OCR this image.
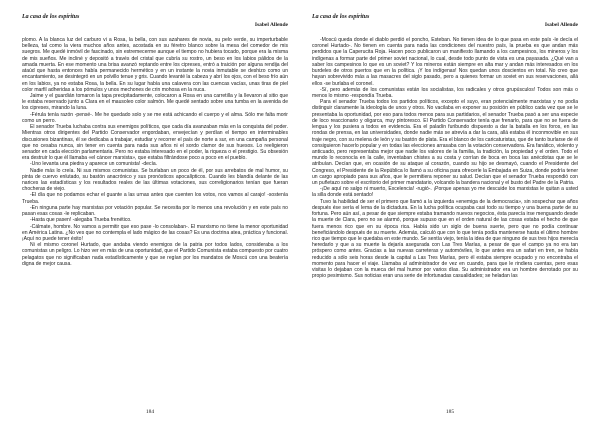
La casa de los espíritus
Isabel Allende

plomo. A la blanca luz del carburo vi a Rosa, la bella, con sus azahares de novia, su pelo verde, su imperturbable belleza, tal como la viera muchos años antes, acostada en su féretro blanco sobre la mesa del comedor de mis suegros. Me quedé inmóvil de fascinado, sin estremecerme aunque el tiempo no hubiera tocado, porque era la misma de mis sueños. Me incliné y depositó a través del cristal que cubría su rostro, un beso en los labios pálidos de la amada muerta. En ese momento una brisa avanzó reptando entre los cipreses, entró a traición por alguna rendija del ataúd que hasta entonces había permanecido hermético y en un instante la novia inmutable se deshizo como un encantamiento, se desintegró en un polvillo tenue y gris. Cuando levanté la cabeza y abrí los ojos, con el beso frío aún en los labios, ya no estaba Rosa, la bella. En su lugar había una calavera con las cuencas vacías, unas tiras de piel color marfil adheridas a los pómulos y unos mechones de crin mohosa en la nuca.

Jaime y el guardián tomaron la tapa precipitadamente, colocaron a Rosa en una carretilla y la llevaron al sitio que le estaba reservado junto a Clara en el mausoleo color salmón. Me quedé sentado sobre una tumba en la avenida de los cipreses, mirando la luna.

-Férula tenía razón -pensé-. Me he quedado solo y se me está achicando el cuerpo y el alma. Sólo me falta morir como un perro.

El senador Trueba luchaba contra sus enemigos políticos, que cada día avanzaban más en la conquista del poder. Mientras otros dirigentes del Partido Conservador engordaban, envejecían y perdían el tiempo en interminables discusiones bizantinas, él se dedicaba a trabajar, estudiar y recorrer el país de norte a sur, en una campaña personal que no cesaba nunca, sin tener en cuenta para nada sus años ni el sordo clamor de sus huesos. Lo reeligieron senador en cada elección parlamentaria. Pero no estaba interesado en el poder, la riqueza o el prestigio. Su obsesión era destruir lo que él llamaba «el cáncer marxista», que estaba filtrándose poco a poco en el pueblo.

-Uno levanta una piedra y aparece un comunista! -decía.

Nadie más lo creía. Ni sus mismos comunistas. Se burlaban un poco de él, por sus arrebatos de mal humor, su pinta de cuervo enlutado, su bastón anacrónico y sus pronósticos apocalípticos. Cuando les blandía delante de las narices las estadísticas y los resultados reales de las últimas votaciones, sus correligionarios tenían que fueran chocheras de viejo.

-El día que no podamos echar el guante a las urnas antes que cuenten los votos, nos vamos al carajo! -sostenía Trueba.

-En ninguna parte hay marxistas por votación popular. Se necesita por lo menos una revolución y en este país no pasan esas cosas -le replicaban.

-Hasta que pasen! -alegaba Trueba frenético.

-Cálmate, hombre. No vamos a permitir que eso pase -lo consolaban-. El marxismo no tiene la menor oportunidad en América Latina. ¿No ves que no contempla el lado mágico de las cosas? Es una doctrina atea, práctica y funcional. ¡Aquí no puede tener éxito!

Ni el mismo coronel Hurtado, que andaba viendo enemigos de la patria por todos lados, consideraba a los comunistas un peligro. Lo hizo ver en más de una oportunidad, que el Partido Comunista estaba compuesto por cuatro pelagatos que no significaban nada estadísticamente y que se regían por los mandatos de Moscú con una beatería digna de mejor causa.

184
La casa de los espíritus
Isabel Allende

-Moscú queda donde el diablo perdió el poncho, Esteban. No tienen idea de lo que pasa en este país -le decía el coronel Hurtado-. No tienen en cuenta para nada las condiciones del nuestro país, la prueba es que andan más perdidos que la Caperucita Roja. Hacen poco publicaron un manifiesto llamando a los campesinos, los mineros y los indígenas a formar parte del primer soviet nacional, lo cual, desde todo punto de vista es una payasada. ¿Qué van a saber los campesinos lo que es un soviet? Y los mineros están siempre en alta mar y andan más interesados en los burdeles de otros puertos que en la política. ¡Y los indígenas! Nos quedan unos doscientos en total. No creo que hayan sobrevivido más a las masacres del siglo pasado, pero a quienes formar un soviet en sus reservaciones, allá ellos -se burlaba el coronel.

-Sí, pero además de los comunistas están los socialistas, los radicales y otros grupúsculos! Todos son más o menos lo mismo -respondía Trueba.

Para el senador Trueba todos los partidos políticos, excepto el suyo, eran potencialmente marxistas y no podía distinguir claramente la ideología de unos y otros. No vacilaba en exponer su posición en público cada vez que se le presentaba la oportunidad, por eso para todos menos para sus partidarios, el senador Trueba pasó a ser una especie de loco reaccionario y oligarca, muy pintoresco. El Partido Conservador tenía que frenarlo, para que no se fuera de lengua y los pusiera a todos en evidencia. Era el paladín furibundo dispuesto a dar la batalla en los foros, en las rondas de prensa, en las universidades, donde nadie más se atrevía a dar la cara, allá estaba él inconmovible en sus traje negro, con su melena de león y su bastón de plata. Era el blanco de los caricaturistas, que de tanto burlarse de él consiguieron hacerlo popular y en todas las elecciones arrasaba con la votación conservadora. Era fanático, violento y anticuado, pero representaba mejor que nadie los valores de la familia, la tradición, la propiedad y el orden. Todo el mundo lo reconocía en la calle, inventaban chistes a su costa y corrían de boca en boca las anécdotas que se le atribuían. Decían que, en ocasión de su ataque al corazón, cuando su hijo se desmayó, cuando el Presidente del Congreso, el Presidente de la República lo llamó a su oficina para ofrecerle la Embajada en Suiza, donde podría tener un cargo apropiado para sus años, que le permitiera reponer su salud. Decían que el senador Trueba respondió con un puñetazo sobre el escritorio del primer mandatario, volcando la bandera nacional y el busto del Padre de la Patria.

-¡De aquí no salgo ni muerto, Excelencia! -rugió-. ¡Porque apenas yo me descuide los marxistas le quitan a usted la silla donde está sentado!

Tuvo la habilidad de ser el primero que llamó a la izquierda «enemiga de la democracia», sin sospechar que años después ése sería el lema de la dictadura. En la lucha política ocupaba casi todo su tiempo y una buena parte de su fortuna. Pero aún así, a pesar de que siempre estaba tramando nuevos negocios, ésta parecía irse menguando desde la muerte de Clara, pero no se alarmó, porque supuso que en el orden natural de las cosas estaba el hecho de que fuera menos rico que en su época rica. Había sido un siglo de buena suerte, pero que no podía continuar beneficiándolo después de su muerte. Además, calculó que con lo que tenía podía mantenerse hasta el último hombre rico que tiempo que le quedaba en este mundo. Se sentía viejo, tenía la idea de que ninguno de sus tres hijos merecía heredarlo y que a su muerte la dejaría asegurada con Las Tres Marías, a pesar de que el campo ya no era tan próspero como antes. Gracias a las nuevas carreteras y automóviles, lo que antes era un safari en tren, se había reducido a sólo seis horas desde la capital a Las Tres Marías, pero él estaba siempre ocupado y no encontraba el momento para hacer el viaje. Llamaba al administrador de vez en cuando, para que le rindiera cuentas, pero esas visitas lo dejaban con la mueca del mal humor por varios días. Su administrador era un hombre derrotado por su propio pesimismo. Sus noticias eran una serie de infortunadas casualidades; se heladan las

185
